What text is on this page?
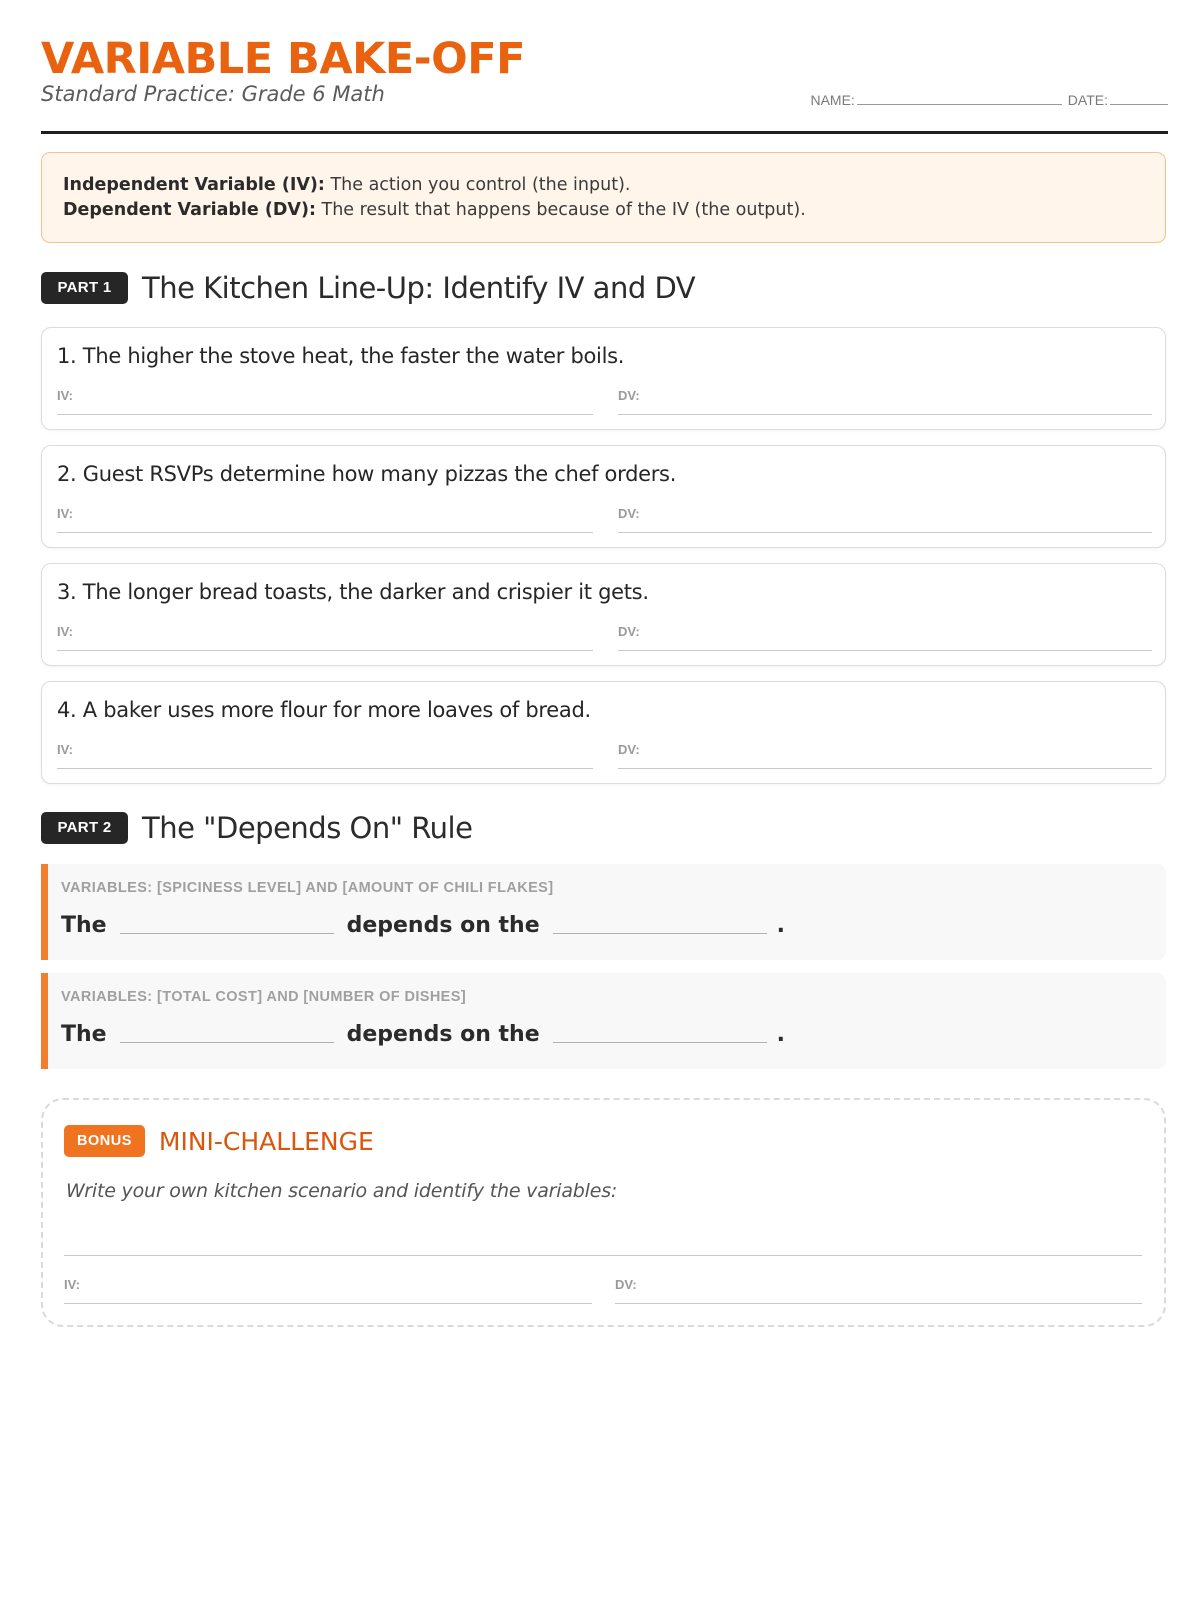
VARIABLE BAKE-OFF
Standard Practice: Grade 6 Math	NAME:	DATE:
Independent Variable (IV): The action you control (the input).
Dependent Variable (DV): The result that happens because of the IV (the output).
PART 1	The Kitchen Line-Up: Identify IV and DV
1. The higher the stove heat, the faster the water boils.
IV:	DV:
2. Guest RSVPs determine how many pizzas the chef orders.
IV:	DV:
3. The longer bread toasts, the darker and crispier it gets.
IV:	DV:
4. A baker uses more flour for more loaves of bread.
IV:	DV:
PART 2	The "Depends On" Rule
VARIABLES: [SPICINESS LEVEL] AND [AMOUNT OF CHILI FLAKES]
The	depends on the	.
VARIABLES: [TOTAL COST] AND [NUMBER OF DISHES]
The	depends on the	.
BONUS	MINI-CHALLENGE
Write your own kitchen scenario and identify the variables:
IV:	DV:
